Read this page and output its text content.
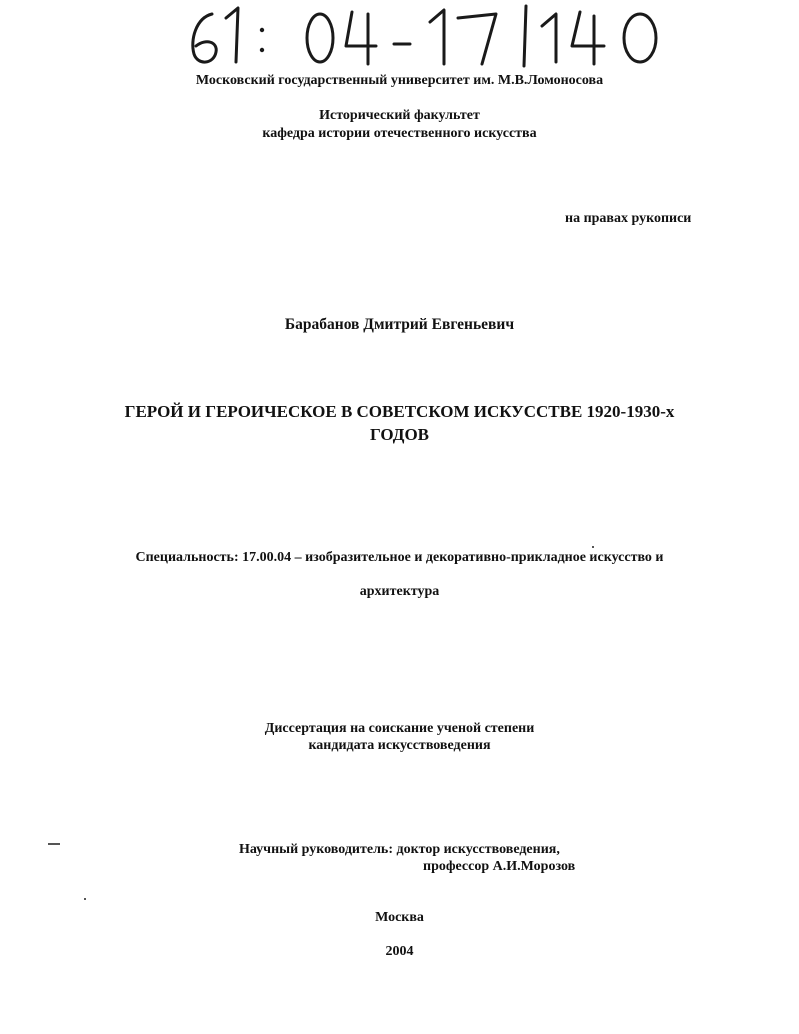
Московский государственный университет им. М.В.Ломоносова
Исторический факультет
кафедра истории отечественного искусства
на правах рукописи
Барабанов Дмитрий Евгеньевич
ГЕРОЙ И ГЕРОИЧЕСКОЕ В СОВЕТСКОМ ИСКУССТВЕ 1920-1930-х
ГОДОВ
Специальность: 17.00.04 – изобразительное и декоративно-прикладное искусство и
архитектура
Диссертация на соискание ученой степени
кандидата искусствоведения
Научный руководитель: доктор искусствоведения,
профессор А.И.Морозов
Москва
2004
